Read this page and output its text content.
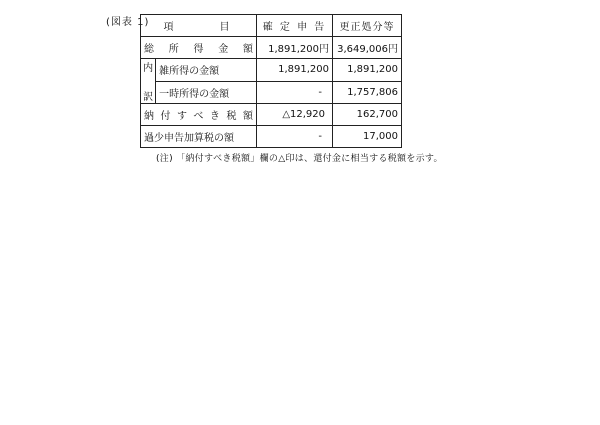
(図表 1) 項　　　目		確 定 申 告	更正処分等
総 所 得 金 額		1,891,200円	3,649,006円

内
訳	雑所得の金額	1,891,200	1,891,200
	一時所得の金額	-	1,757,806
納付すべき税額		△12,920	162,700
過少申告加算税の額		-	17,000
(注) 「納付すべき税額」欄の△印は、還付金に相当する税額を示す。
